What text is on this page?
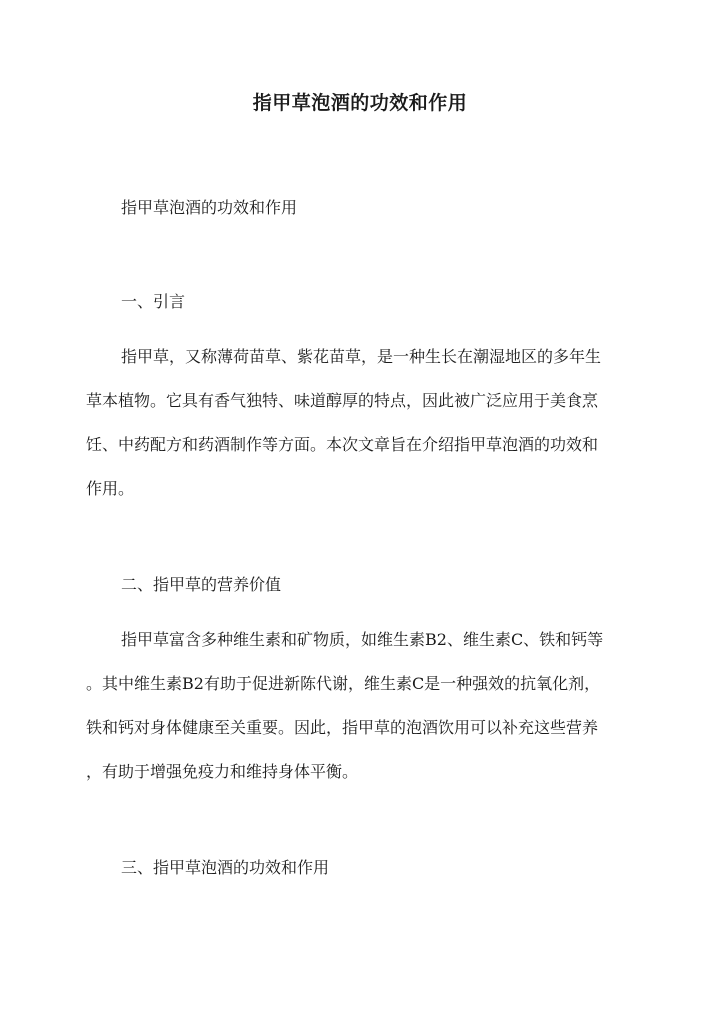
指甲草泡酒的功效和作用
指甲草泡酒的功效和作用
一、引言
指甲草，又称薄荷苗草、紫花苗草，是一种生长在潮湿地区的多年生
草本植物。它具有香气独特、味道醇厚的特点，因此被广泛应用于美食烹
饪、中药配方和药酒制作等方面。本次文章旨在介绍指甲草泡酒的功效和
作用。
二、指甲草的营养价值
指甲草富含多种维生素和矿物质，如维生素B2、维生素C、铁和钙等
。其中维生素B2有助于促进新陈代谢，维生素C是一种强效的抗氧化剂，
铁和钙对身体健康至关重要。因此，指甲草的泡酒饮用可以补充这些营养
，有助于增强免疫力和维持身体平衡。
三、指甲草泡酒的功效和作用
